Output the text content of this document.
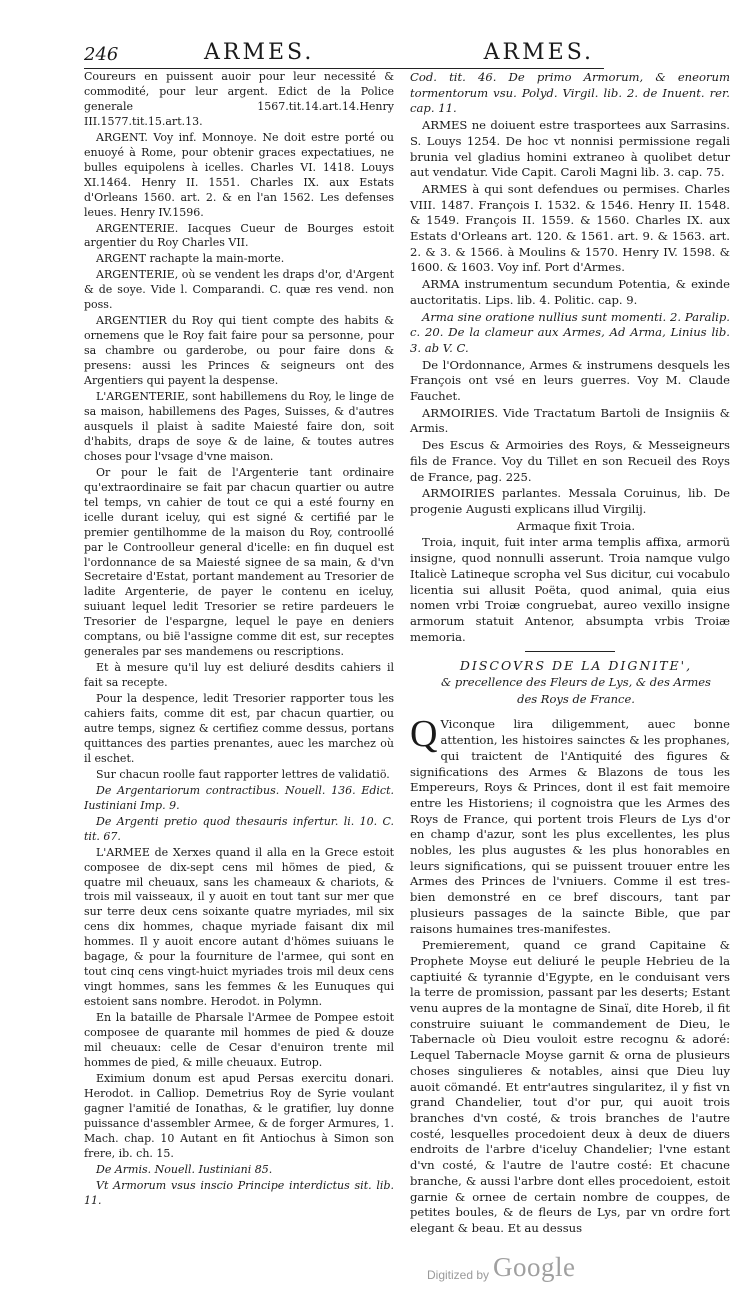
246	ARMES.	ARMES.

Coureurs en puissent auoir pour leur necessité & commodité, pour leur argent. Edict de la Police generale 1567.tit.14.art.14.Henry III.1577.tit.15.art.13.

ARGENT. Voy inf. Monnoye. Ne doit estre porté ou enuoyé à Rome, pour obtenir graces expectatiues, ne bulles equipolens à icelles. Charles VI. 1418. Louys XI.1464. Henry II. 1551. Charles IX. aux Estats d'Orleans 1560. art. 2. & en l'an 1562. Les defenses leues. Henry IV.1596.

ARGENTERIE. Iacques Cueur de Bourges estoit argentier du Roy Charles VII.

ARGENT rachapte la main-morte.

ARGENTERIE, où se vendent les draps d'or, d'Argent & de soye. Vide l. Comparandi. C. quæ res vend. non poss.

ARGENTIER du Roy qui tient compte des habits & ornemens que le Roy fait faire pour sa personne, pour sa chambre ou garderobe, ou pour faire dons & presens: aussi les Princes & seigneurs ont des Argentiers qui payent la despense.

L'ARGENTERIE, sont habillemens du Roy, le linge de sa maison, habillemens des Pages, Suisses, & d'autres ausquels il plaist à sadite Maiesté faire don, soit d'habits, draps de soye & de laine, & toutes autres choses pour l'vsage d'vne maison.

Or pour le fait de l'Argenterie tant ordinaire qu'extraordinaire se fait par chacun quartier ou autre tel temps, vn cahier de tout ce qui a esté fourny en icelle durant iceluy, qui est signé & certifié par le premier gentilhomme de la maison du Roy, controollé par le Controolleur general d'icelle: en fin duquel est l'ordonnance de sa Maiesté signee de sa main, & d'vn Secretaire d'Estat, portant mandement au Tresorier de ladite Argenterie, de payer le contenu en iceluy, suiuant lequel ledit Tresorier se retire pardeuers le Tresorier de l'espargne, lequel le paye en deniers comptans, ou bië l'assigne comme dit est, sur receptes generales par ses mandemens ou rescriptions.

Et à mesure qu'il luy est deliuré desdits cahiers il fait sa recepte.

Pour la despence, ledit Tresorier rapporter tous les cahiers faits, comme dit est, par chacun quartier, ou autre temps, signez & certifiez comme dessus, portans quittances des parties prenantes, auec les marchez où il eschet.

Sur chacun roolle faut rapporter lettres de validatiö.

De Argentariorum contractibus. Nouell. 136. Edict. Iustiniani Imp. 9.

De Argenti pretio quod thesauris infertur. li. 10. C. tit. 67.

L'ARMEE de Xerxes quand il alla en la Grece estoit composee de dix-sept cens mil hömes de pied, & quatre mil cheuaux, sans les chameaux & chariots, & trois mil vaisseaux, il y auoit en tout tant sur mer que sur terre deux cens soixante quatre myriades, mil six cens dix hommes, chaque myriade faisant dix mil hommes. Il y auoit encore autant d'hömes suiuans le bagage, & pour la fourniture de l'armee, qui sont en tout cinq cens vingt-huict myriades trois mil deux cens vingt hommes, sans les femmes & les Eunuques qui estoient sans nombre. Herodot. in Polymn.

En la bataille de Pharsale l'Armee de Pompee estoit composee de quarante mil hommes de pied & douze mil cheuaux: celle de Cesar d'enuiron trente mil hommes de pied, & mille cheuaux. Eutrop.

Eximium donum est apud Persas exercitu donari. Herodot. in Calliop. Demetrius Roy de Syrie voulant gagner l'amitié de Ionathas, & le gratifier, luy donne puissance d'assembler Armee, & de forger Armures, 1. Mach. chap. 10 Autant en fit Antiochus à Simon son frere, ib. ch. 15.

De Armis. Nouell. Iustiniani 85.

Vt Armorum vsus inscio Principe interdictus sit. lib. 11.

Cod. tit. 46. De primo Armorum, & eneorum tormentorum vsu. Polyd. Virgil. lib. 2. de Inuent. rer. cap. 11.

ARMES ne doiuent estre trasportees aux Sarrasins. S. Louys 1254. De hoc vt nonnisi permissione regali brunia vel gladius homini extraneo à quolibet detur aut vendatur. Vide Capit. Caroli Magni lib. 3. cap. 75.

ARMES à qui sont defendues ou permises. Charles VIII. 1487. François I. 1532. & 1546. Henry II. 1548. & 1549. François II. 1559. & 1560. Charles IX. aux Estats d'Orleans art. 120. & 1561. art. 9. & 1563. art. 2. & 3. & 1566. à Moulins & 1570. Henry IV. 1598. & 1600. & 1603. Voy inf. Port d'Armes.

ARMA instrumentum secundum Potentia, & exinde auctoritatis. Lips. lib. 4. Politic. cap. 9.

Arma sine oratione nullius sunt momenti. 2. Paralip. c. 20. De la clameur aux Armes, Ad Arma, Linius lib. 3. ab V. C.

De l'Ordonnance, Armes & instrumens desquels les François ont vsé en leurs guerres. Voy M. Claude Fauchet.

ARMOIRIES. Vide Tractatum Bartoli de Insigniis & Armis.

Des Escus & Armoiries des Roys, & Messeigneurs fils de France. Voy du Tillet en son Recueil des Roys de France, pag. 225.

ARMOIRIES parlantes. Messala Coruinus, lib. De progenie Augusti explicans illud Virgilij.

Armaque fixit Troia.

Troia, inquit, fuit inter arma templis affixa, armorü insigne, quod nonnulli asserunt. Troia namque vulgo Italicè Latineque scropha vel Sus dicitur, cui vocabulo licentia sui allusit Poëta, quod animal, quia eius nomen vrbi Troiæ congruebat, aureo vexillo insigne armorum statuit Antenor, absumpta vrbis Troiæ memoria.

DISCOVRS DE LA DIGNITE',

& precellence des Fleurs de Lys, & des Armes

des Roys de France.

Q Viconque lira diligemment, auec bonne attention, les histoires sainctes & les prophanes, qui traictent de l'Antiquité des figures & significations des Armes & Blazons de tous les Empereurs, Roys & Princes, dont il est fait memoire entre les Historiens; il cognoistra que les Armes des Roys de France, qui portent trois Fleurs de Lys d'or en champ d'azur, sont les plus excellentes, les plus nobles, les plus augustes & les plus honorables en leurs significations, qui se puissent trouuer entre les Armes des Princes de l'vniuers. Comme il est tres-bien demonstré en ce bref discours, tant par plusieurs passages de la saincte Bible, que par raisons humaines tres-manifestes.

Premierement, quand ce grand Capitaine & Prophete Moyse eut deliuré le peuple Hebrieu de la captiuité & tyrannie d'Egypte, en le conduisant vers la terre de promission, passant par les deserts; Estant venu aupres de la montagne de Sinaï, dite Horeb, il fit construire suiuant le commandement de Dieu, le Tabernacle où Dieu vouloit estre recognu & adoré: Lequel Tabernacle Moyse garnit & orna de plusieurs choses singulieres & notables, ainsi que Dieu luy auoit cömandé. Et entr'autres singularitez, il y fist vn grand Chandelier, tout d'or pur, qui auoit trois branches d'vn costé, & trois branches de l'autre costé, lesquelles procedoient deux à deux de diuers endroits de l'arbre d'iceluy Chandelier; l'vne estant d'vn costé, & l'autre de l'autre costé: Et chacune branche, & aussi l'arbre dont elles procedoient, estoit garnie & ornee de certain nombre de couppes, de petites boules, & de fleurs de Lys, par vn ordre fort elegant & beau. Et au dessus

Digitized by Google
